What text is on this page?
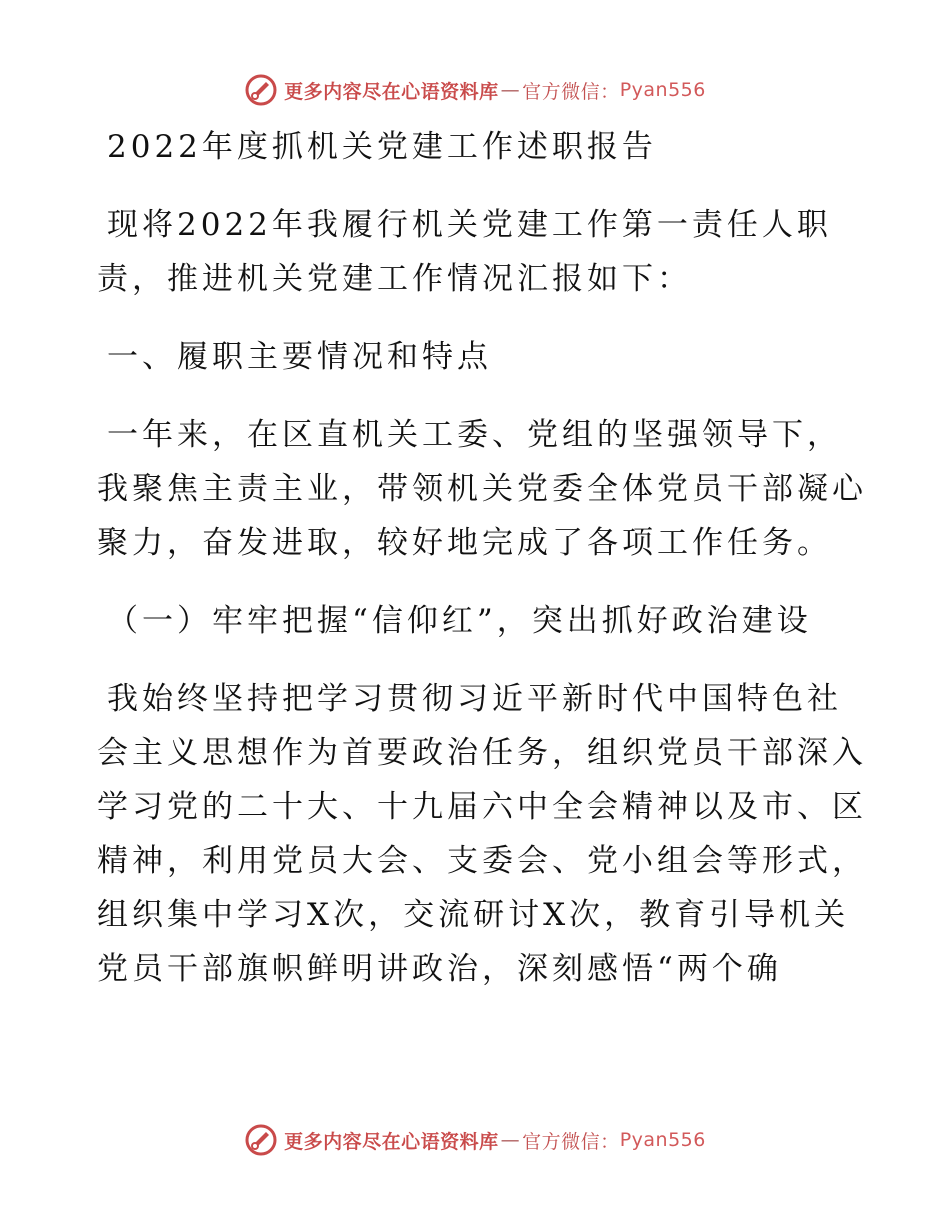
更多内容尽在心语资料库 — 官方微信： Pyan556
2022年度抓机关党建工作述职报告
现将2022年我履行机关党建工作第一责任人职
责，推进机关党建工作情况汇报如下：
一、履职主要情况和特点
一年来，在区直机关工委、党组的坚强领导下，
我聚焦主责主业，带领机关党委全体党员干部凝心
聚力，奋发进取，较好地完成了各项工作任务。
（一）牢牢把握“信仰红”，突出抓好政治建设
我始终坚持把学习贯彻习近平新时代中国特色社
会主义思想作为首要政治任务，组织党员干部深入
学习党的二十大、十九届六中全会精神以及市、区
精神，利用党员大会、支委会、党小组会等形式，
组织集中学习X次，交流研讨X次，教育引导机关
党员干部旗帜鲜明讲政治，深刻感悟“两个确
更多内容尽在心语资料库 — 官方微信： Pyan556
